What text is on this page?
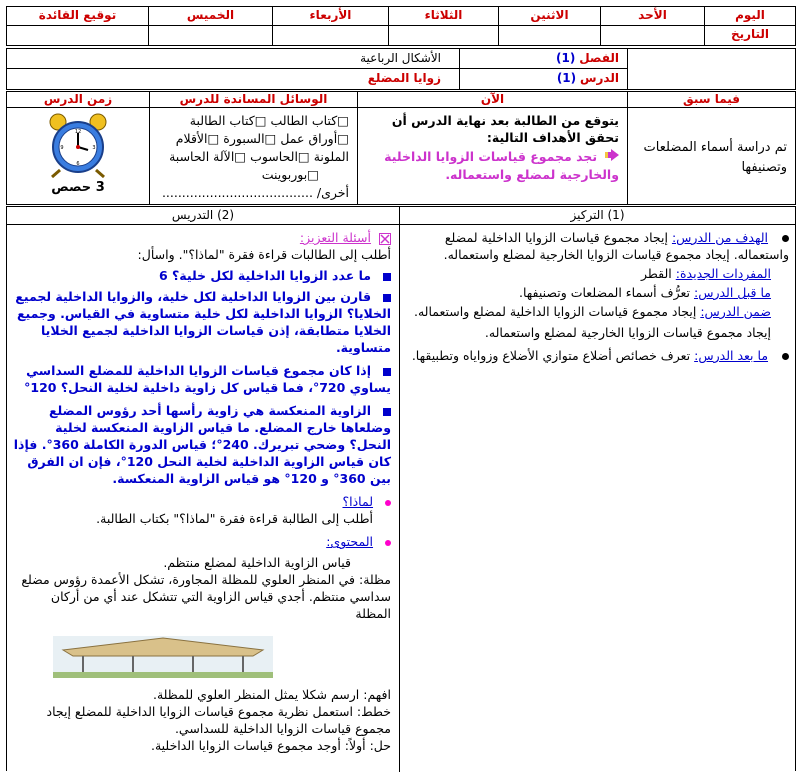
اليوم
الأحد
الاثنين
الثلاثاء
الأربعاء
الخميس
توقيع القائدة
التاريخ
الفصل (1)
الدرس (1)
الأشكال الرباعية
زوايا المضلع
فيما سبق
الآن
الوسائل المساندة للدرس
زمن الدرس
تم دراسة أسماء المضلعات وتصنيفها

يتوقع من الطالبة بعد نهاية الدرس أن تحقق الأهداف التالية:

تجد مجموع قياسات الزوايا الداخلية والخارجية لمضلع واستعماله.

□كتاب الطالب □كتاب الطالبة

□أوراق عمل □السبورة □الأقلام

الملونة □الحاسوب □الآلة الحاسبة

□بوربوينت

أخرى/ ......................................

12
3
6
9
3 حصص
(1) التركيز
(2) التدريس

الهدف من الدرس: إيجاد مجموع قياسات الزوايا الداخلية لمضلع واستعماله. إيجاد مجموع قياسات الزوايا الخارجية لمضلع واستعماله.

المفردات الجديدة: القطر

ما قبل الدرس: تعرُّف أسماء المضلعات وتصنيفها.

ضمن الدرس: إيجاد مجموع قياسات الزوايا الداخلية لمضلع واستعماله.

إيجاد مجموع قياسات الزوايا الخارجية لمضلع واستعماله.

ما بعد الدرس: تعرف خصائص أضلاع متوازي الأضلاع وزواياه وتطبيقها.

أسئلة التعزيز:

أطلب إلى الطالبات قراءة فقرة "لماذا؟". واسأل:

ما عدد الزوايا الداخلية لكل خلية؟ 6

قارن بين الزوايا الداخلية لكل خلية، والزوايا الداخلية لجميع الخلايا؟ الزوايا الداخلية لكل خلية متساوية في القياس. وجميع الخلايا متطابقة، إذن قياسات الزوايا الداخلية لجميع الخلايا متساوية.

إذا كان مجموع قياسات الزوايا الداخلية للمضلع السداسي يساوي 720°، فما قياس كل زاوية داخلية لخلية النحل؟ 120°

الزاوية المنعكسة هي زاوية رأسها أحد رؤوس المضلع وضلعاها خارج المضلع. ما قياس الزاوية المنعكسة لخلية النحل؟ وضحي تبريرك. 240°؛ قياس الدورة الكاملة 360°. فإذا كان قياس الزاوية الداخلية لخلية النحل 120°، فإن ان الفرق بين 360° و 120° هو قياس الزاوية المنعكسة.

لماذا؟

أطلب إلى الطالبة قراءة فقرة "لماذا؟" بكتاب الطالبة.

المحتوى:

قياس الزاوية الداخلية لمضلع منتظم.

مظلة: في المنظر العلوي للمظلة المجاورة، تشكل الأعمدة رؤوس مضلع سداسي منتظم. أجدي قياس الزاوية التي تتشكل عند أي من أركان المظلة

افهم: ارسم شكلا يمثل المنظر العلوي للمظلة.

خطط: استعمل نظرية مجموع قياسات الزوايا الداخلية للمضلع إيجاد مجموع قياسات الزوايا الداخلية للسداسي.

حل: أولاً: أوجد مجموع قياسات الزوايا الداخلية.
